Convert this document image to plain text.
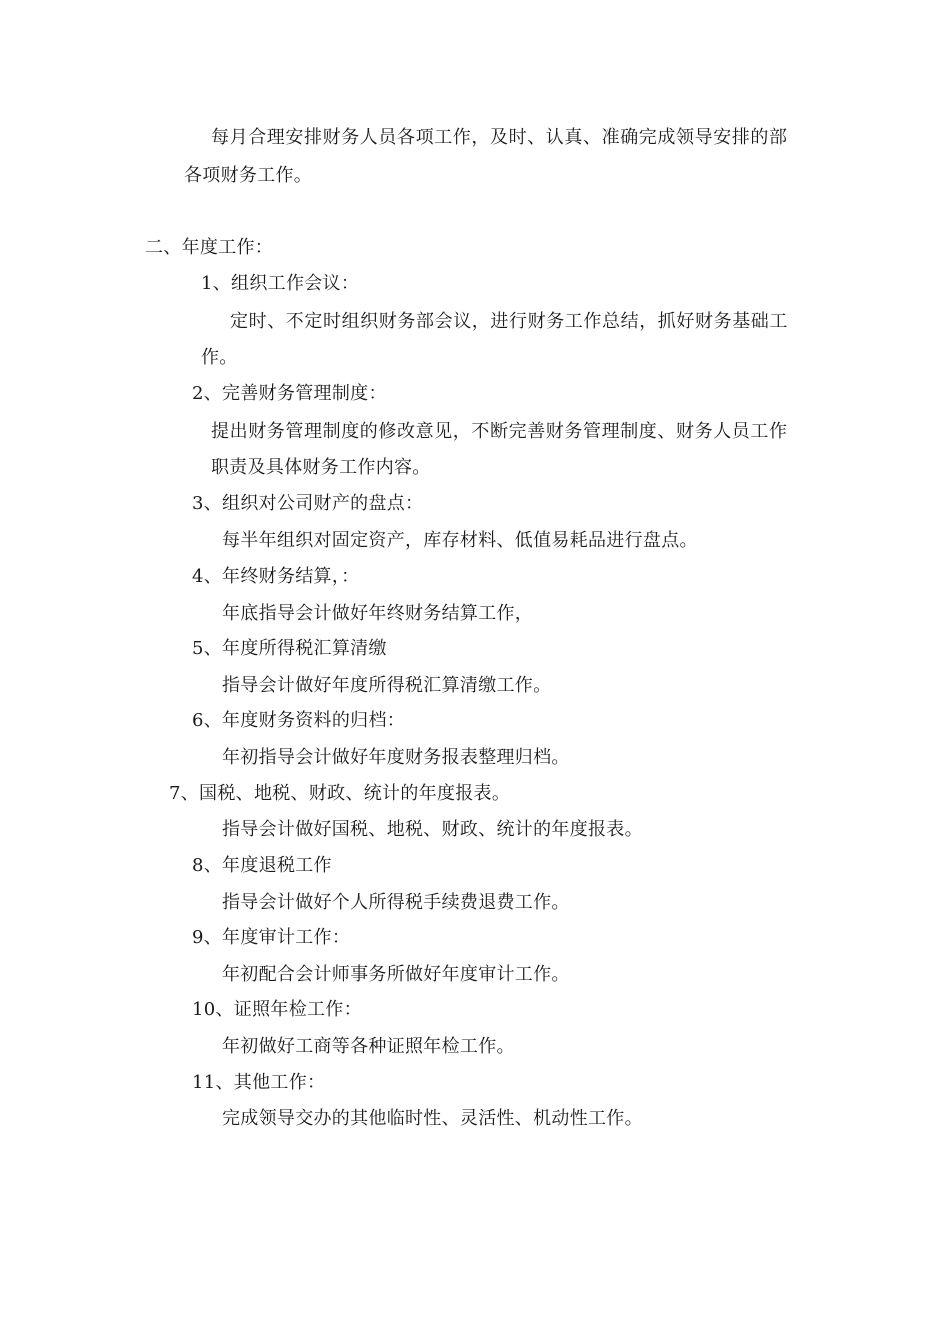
每月合理安排财务人员各项工作，及时、认真、准确完成领导安排的部
各项财务工作。
二、年度工作：
1、组织工作会议：
定时、不定时组织财务部会议，进行财务工作总结，抓好财务基础工
作。
2、完善财务管理制度：
提出财务管理制度的修改意见，不断完善财务管理制度、财务人员工作
职责及具体财务工作内容。
3、组织对公司财产的盘点：
每半年组织对固定资产，库存材料、低值易耗品进行盘点。
4、年终财务结算，：
年底指导会计做好年终财务结算工作，
5、年度所得税汇算清缴
指导会计做好年度所得税汇算清缴工作。
6、年度财务资料的归档：
年初指导会计做好年度财务报表整理归档。
7、国税、地税、财政、统计的年度报表。
指导会计做好国税、地税、财政、统计的年度报表。
8、年度退税工作
指导会计做好个人所得税手续费退费工作。
9、年度审计工作：
年初配合会计师事务所做好年度审计工作。
10、证照年检工作：
年初做好工商等各种证照年检工作。
11、其他工作：
完成领导交办的其他临时性、灵活性、机动性工作。
